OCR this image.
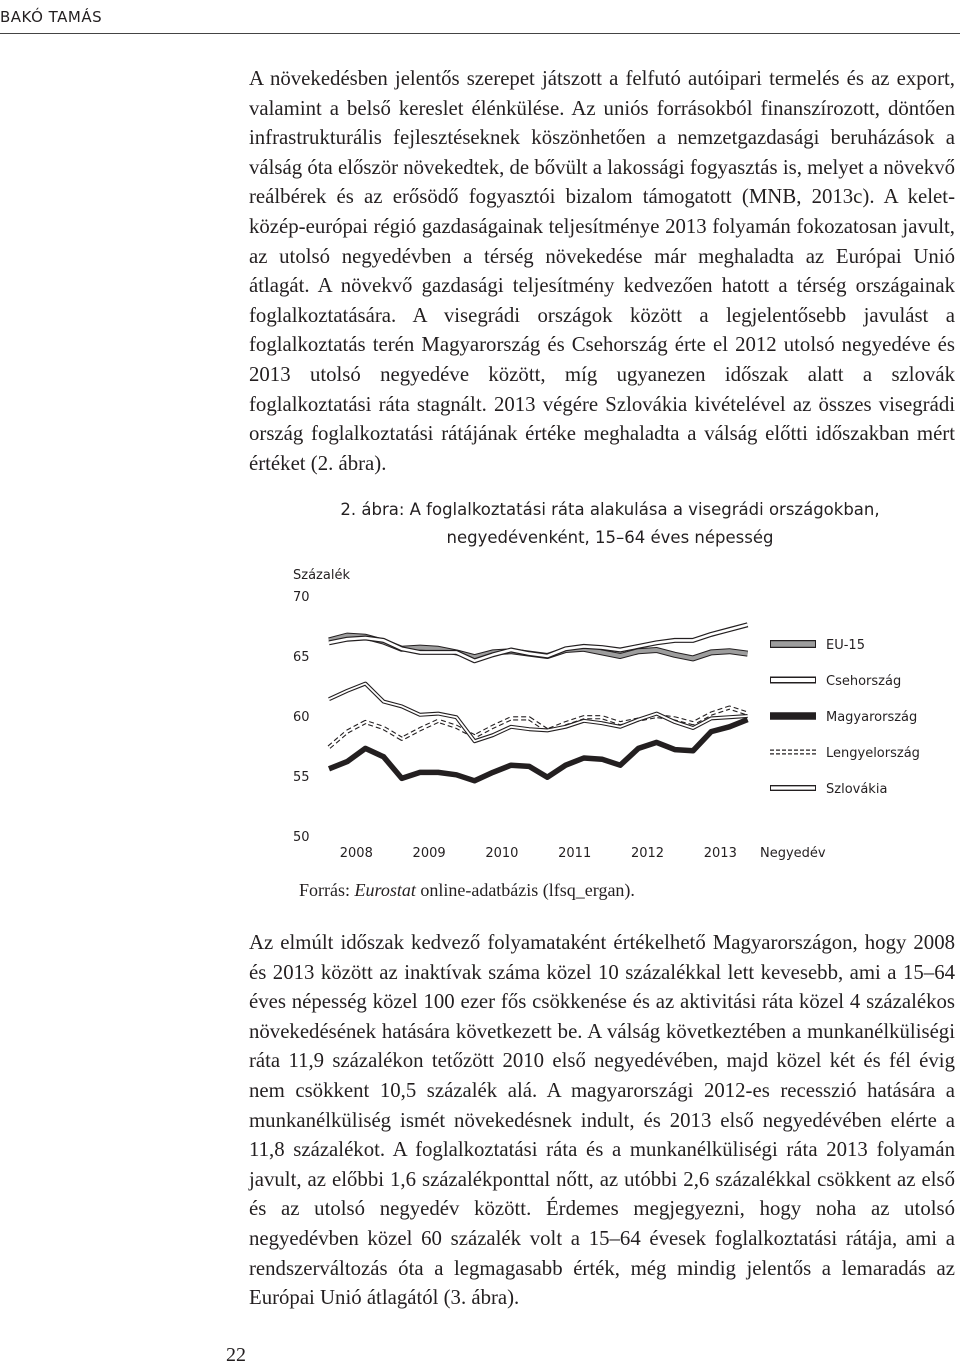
BAKÓ TAMÁS

A növekedésben jelentős szerepet játszott a felfutó autóipari termelés és az export, valamint a belső kereslet élénkülése. Az uniós forrásokból finanszírozott, döntően infrastrukturális fejlesztéseknek köszönhetően a nemzetgazdasági beruházások a válság óta először növekedtek, de bővült a lakossági fogyasztás is, melyet a növekvő reálbérek és az erősödő fogyasztói bizalom támogatott (MNB, 2013c). A kelet-közép-európai régió gazdaságainak teljesítménye 2013 folyamán fokozatosan javult, az utolsó negyedévben a térség növekedése már meghaladta az Európai Unió átlagát. A növekvő gazdasági teljesítmény kedvezően hatott a térség országainak foglalkoztatására. A visegrádi országok között a legjelentősebb javulást a foglalkoztatás terén Magyarország és Csehország érte el 2012 utolsó negyedéve és 2013 utolsó negyedéve között, míg ugyanezen időszak alatt a szlovák foglalkoztatási ráta stagnált. 2013 végére Szlovákia kivételével az összes visegrádi ország foglalkoztatási rátájának értéke meghaladta a válság előtti időszakban mért értéket (2. ábra).

2. ábra: A foglalkoztatási ráta alakulása a visegrádi országokban,
negyedévenként, 15–64 éves népesség
Százalék
70
65
60
55
50
2008	2009	2010	2011	2012	2013 Negyedév
EU-15
Csehország
Magyarország
Lengyelország
Szlovákia
Forrás: Eurostat online-adatbázis (lfsq_ergan).

Az elmúlt időszak kedvező folyamataként értékelhető Magyarországon, hogy 2008 és 2013 között az inaktívak száma közel 10 százalékkal lett kevesebb, ami a 15–64 éves népesség közel 100 ezer fős csökkenése és az aktivitási ráta közel 4 százalékos növekedésének hatására következett be. A válság következtében a munkanélküliségi ráta 11,9 százalékon tetőzött 2010 első negyedévében, majd közel két és fél évig nem csökkent 10,5 százalék alá. A magyarországi 2012-es recesszió hatására a munkanélküliség ismét növekedésnek indult, és 2013 első negyedévében elérte a 11,8 százalékot. A foglalkoztatási ráta és a munkanélküliségi ráta 2013 folyamán javult, az előbbi 1,6 százalékponttal nőtt, az utóbbi 2,6 százalékkal csökkent az első és az utolsó negyedév között. Érdemes megjegyezni, hogy noha az utolsó negyedévben közel 60 százalék volt a 15–64 évesek foglalkoztatási rátája, ami a rendszerváltozás óta a legmagasabb érték, még mindig jelentős a lemaradás az Európai Unió átlagától (3. ábra).

22
